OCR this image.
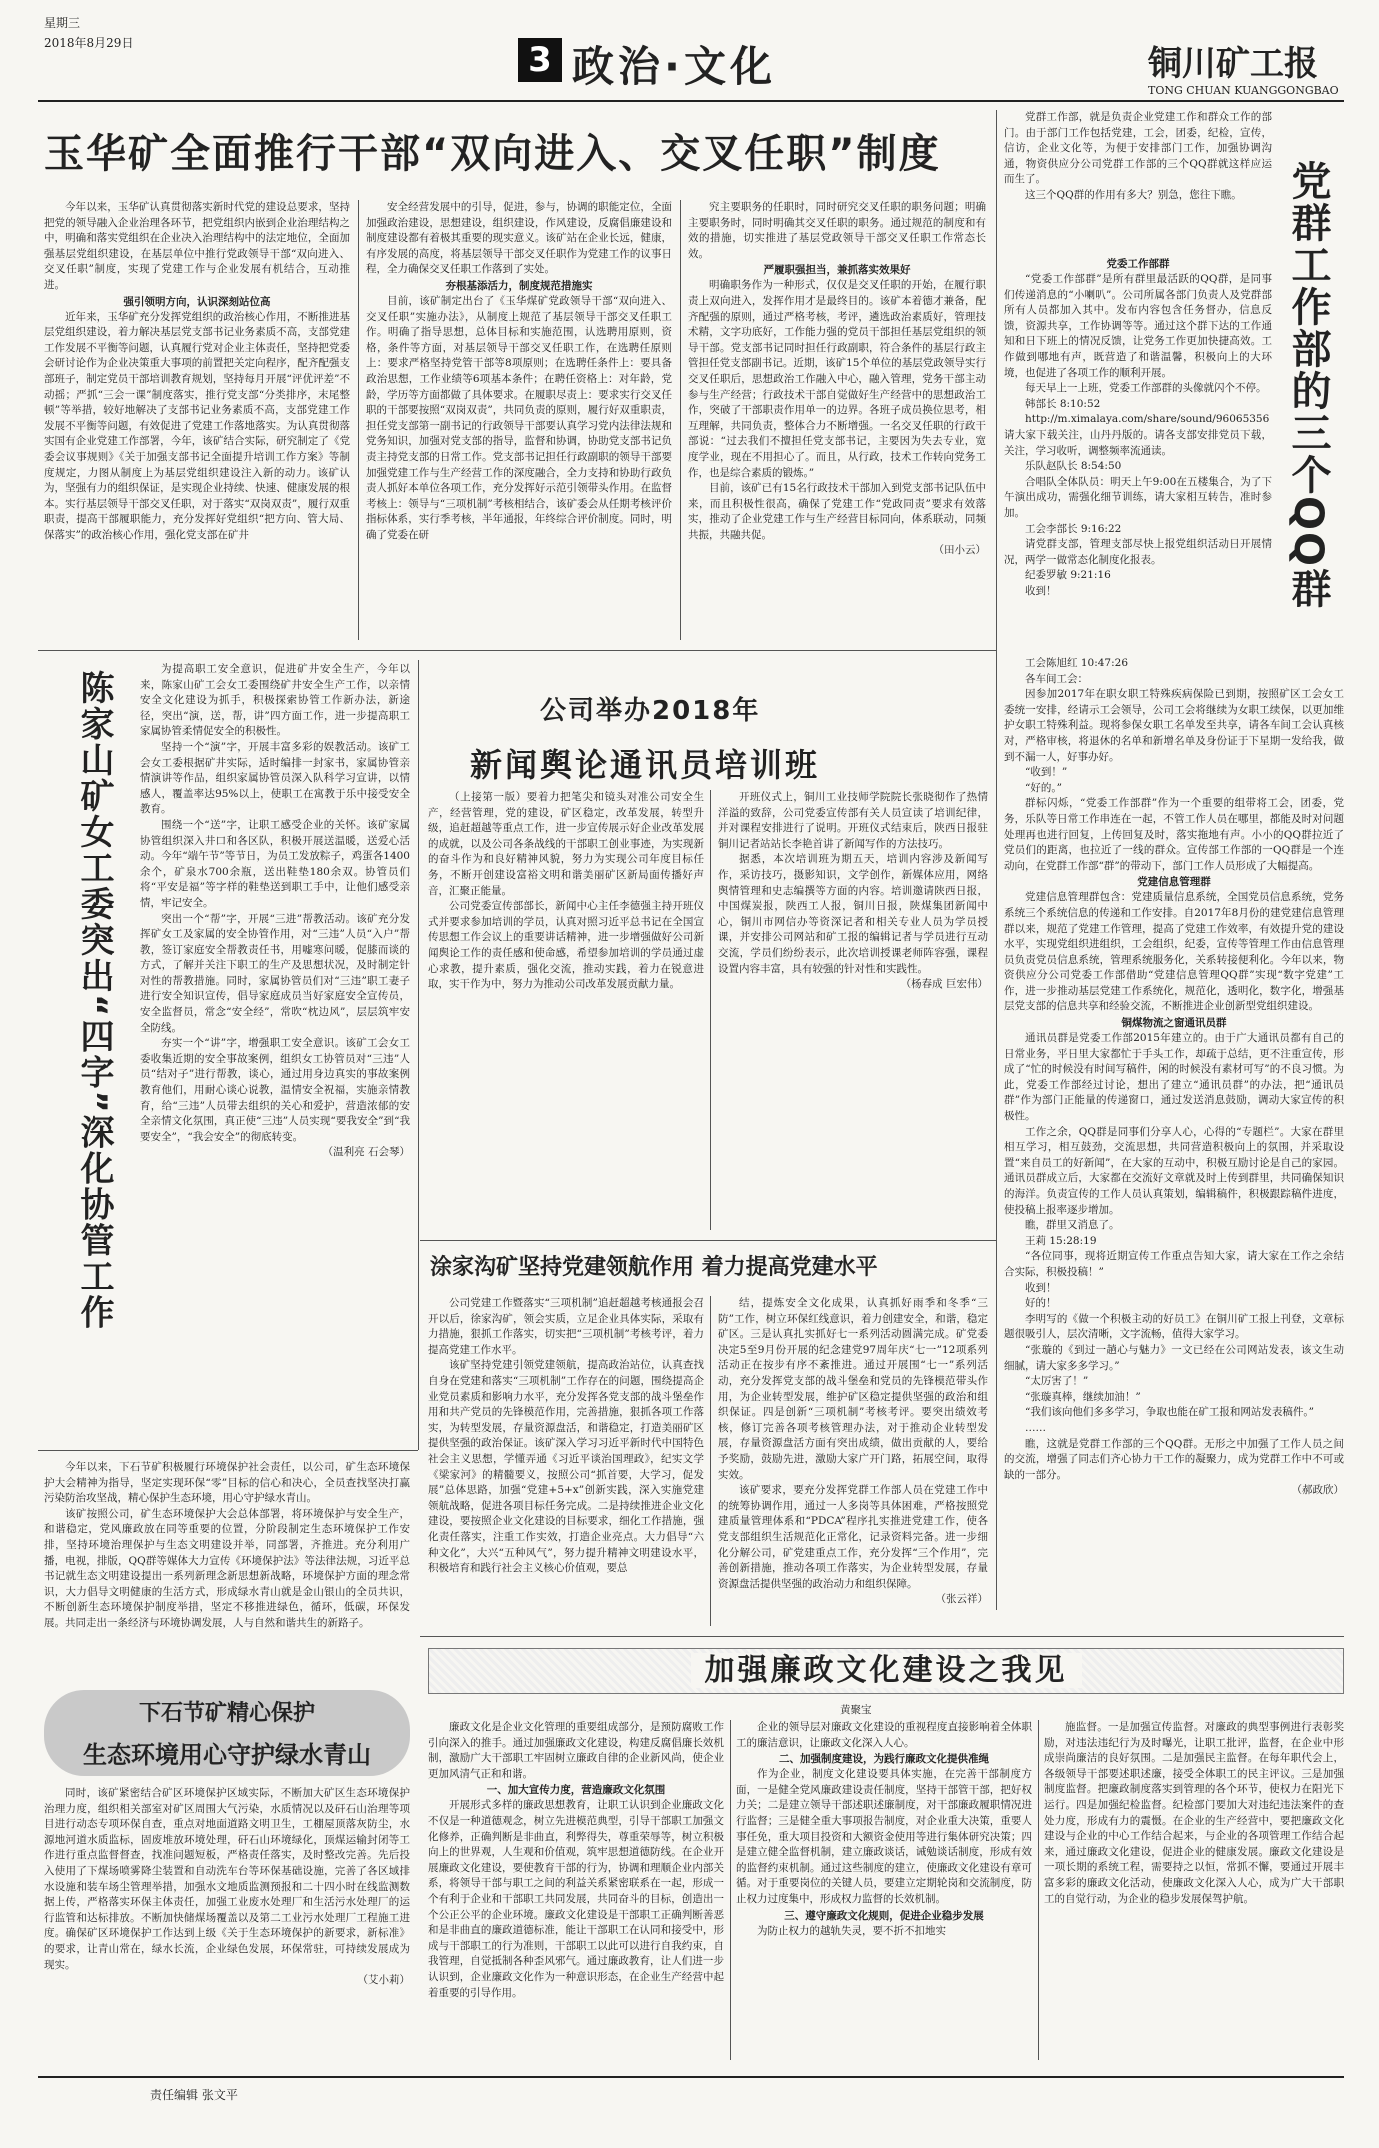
星期三
2018年8月29日	3 政治·文化	铜川矿工报
TONG CHUAN KUANGGONGBAO
玉华矿全面推行干部“双向进入、交叉任职”制度

今年以来，玉华矿认真贯彻落实新时代党的建设总要求，坚持把党的领导融入企业治理各环节，把党组织内嵌到企业治理结构之中，明确和落实党组织在企业决入治理结构中的法定地位，全面加强基层党组织建设，在基层单位中推行党政领导干部“双向进入、交叉任职”制度，实现了党建工作与企业发展有机结合，互动推进。

强引领明方向，认识深刻站位高

近年来，玉华矿充分发挥党组织的政治核心作用，不断推进基层党组织建设，着力解决基层党支部书记业务素质不高，支部党建工作发展不平衡等问题，认真履行党对企业主体责任，坚持把党委会研讨论作为企业决策重大事项的前置把关定向程序，配齐配强支部班子，制定党员干部培训教育规划，坚持每月开展“评优评差”不动摇；严抓“三会一课”制度落实，推行党支部“分类排序，末尾整顿”等举措，较好地解决了支部书记业务素质不高，支部党建工作发展不平衡等问题，有效促进了党建工作落地落实。为认真贯彻落实国有企业党建工作部署，今年，该矿结合实际，研究制定了《党委会议事规则》《关于加强支部书记全面提升培训工作方案》等制度规定，力图从制度上为基层党组织建设注入新的动力。该矿认为，坚强有力的组织保证，是实现企业持续、快速、健康发展的根本。实行基层领导干部交叉任职，对于落实“双岗双责”，履行双重职责，提高干部履职能力，充分发挥好党组织“把方向、管大局、保落实”的政治核心作用，强化党支部在矿井

安全经营发展中的引导，促进，参与，协调的职能定位，全面加强政治建设，思想建设，组织建设，作风建设，反腐倡廉建设和制度建设都有着极其重要的现实意义。该矿站在企业长远，健康，有序发展的高度，将基层领导干部交叉任职作为党建工作的议事日程，全力确保交叉任职工作落到了实处。

夯根基添活力，制度规范措施实

目前，该矿制定出台了《玉华煤矿党政领导干部“双向进入、交叉任职”实施办法》，从制度上规范了基层领导干部交叉任职工作。明确了指导思想，总体目标和实施范围，认选聘用原则，资格，条件等方面，对基层领导干部交叉任职工作，在选聘任原则上：要求严格坚持党管干部等8项原则；在选聘任条件上：要具备政治思想，工作业绩等6项基本条件；在聘任资格上：对年龄，党龄，学历等方面都做了具体要求。在履职尽责上：要求实行交叉任职的干部要按照“双岗双责”，共同负责的原则，履行好双重职责，担任党支部第一副书记的行政领导干部要认真学习党内法律法规和党务知识，加强对党支部的指导，监督和协调，协助党支部书记负责主持党支部的日常工作。党支部书记担任行政副职的领导干部要加强党建工作与生产经营工作的深度融合，全力支持和协助行政负责人抓好本单位各项工作，充分发挥好示范引领带头作用。在监督考核上：领导与“三项机制”考核相结合，该矿委会从任期考核评价指标体系，实行季考核，半年通报，年终综合评价制度。同时，明确了党委在研

究主要职务的任职时，同时研究交叉任职的职务问题；明确主要职务时，同时明确其交叉任职的职务。通过规范的制度和有效的措施，切实推进了基层党政领导干部交叉任职工作常态长效。

严履职强担当，兼抓落实效果好

明确职务作为一种形式，仅仅是交叉任职的开始，在履行职责上双向进入，发挥作用才是最终目的。该矿本着德才兼备，配齐配强的原则，通过严格考核，考评，遴选政治素质好，管理技术精，文字功底好，工作能力强的党员干部担任基层党组织的领导干部。党支部书记同时担任行政副职，符合条件的基层行政主管担任党支部副书记。近期，该矿15个单位的基层党政领导实行交叉任职后，思想政治工作融入中心，融入管理，党务干部主动参与生产经营；行政技术干部自觉做好生产经营中的思想政治工作，突破了干部职责作用单一的边界。各班子成员换位思考，相互理解，共同负责，整体合力不断增强。一名交叉任职的行政干部说：“过去我们不擅担任党支部书记，主要因为失去专业，宽度学业，现在不用担心了。而且，从行政，技术工作转向党务工作，也是综合素质的锻炼。”

目前，该矿已有15名行政技术干部加入到党支部书记队伍中来，而且积极性很高，确保了党建工作“党政同责”要求有效落实，推动了企业党建工作与生产经营目标同向，体系联动，同频共振，共融共促。

（田小云）

党群工作部，就是负责企业党建工作和群众工作的部门。由于部门工作包括党建，工会，团委，纪检，宣传，信访，企业文化等，为便于安排部门工作，加强协调沟通，物资供应分公司党群工作部的三个QQ群就这样应运而生了。

这三个QQ群的作用有多大？别急，您往下瞧。	党群工作部的三个QQ群
党委工作部群

“党委工作部群”是所有群里最活跃的QQ群，是同事们传递消息的“小喇叭”。公司所属各部门负责人及党群部所有人员都加入其中。发布内容包含任务督办，信息反馈，资源共享，工作协调等等。通过这个群下达的工作通知和日下班上的情况反馈，让党务工作更加快捷高效。工作做到哪地有声，既营造了和谐温馨，积极向上的大环境，也促进了各项工作的顺利开展。

每天早上一上班，党委工作部群的头像就闪个不停。

韩部长 8:10:52

http://m.ximalaya.com/share/sound/96065356请大家下载关注，山丹丹版的。请各支部安排党员下载，关注，学习收听，调整频率流通读。

乐队赵队长 8:54:50

合唱队全体队员：明天上午9:00在五楼集合，为了下午演出成功，需强化细节训练，请大家相互转告，准时参加。

工会李部长 9:16:22

请党群支部，管理支部尽快上报党组织活动日开展情况，两学一做常态化制度化报表。

纪委罗敏 9:21:16

收到！

工会陈旭红 10:47:26

各车间工会：

因参加2017年在职女职工特殊疾病保险已到期，按照矿区工会女工委统一安排，经请示工会领导，公司工会将继续为女职工续保，以更加维护女职工特殊利益。现将参保女职工名单发至共享，请各车间工会认真核对，严格审核，将退休的名单和新增名单及身份证于下星期一发给我，做到不漏一人，好事办好。

“收到！”

“好的。”

群标闪烁，“党委工作部群”作为一个重要的组带将工会，团委，党务，乐队等日常工作串连在一起，不管工作人员在哪里，都能及时对问题处理再也进行回复，上传回复及时，落实拖地有声。小小的QQ群拉近了党员们的距离，也拉近了一线的群众。宣传部工作部的一QQ群是一个连动向，在党群工作部“群”的带动下，部门工作人员形成了大幅提高。

党建信息管理群

党建信息管理群包含：党建质量信息系统，全国党员信息系统，党务系统三个系统信息的传递和工作安排。自2017年8月份的建党建信息管理群以来，规范了党建工作管理，提高了党建工作效率，有效提升党的建设水平，实现党组织进组织，工会组织，纪委，宣传等管理工作由信息管理员负责党员信息系统，管理系统服务化，关系转接便利化。今年以来，物资供应分公司党委工作部借助“党建信息管理QQ群”实现“数字党建”工作，进一步推动基层党建工作系统化，规范化，透明化，数字化，增强基层党支部的信息共享和经验交流，不断推进企业创新型党组织建设。

铜煤物流之窗通讯员群

通讯员群是党委工作部2015年建立的。由于广大通讯员都有自己的日常业务，平日里大家都忙于手头工作，却疏于总结，更不注重宣传，形成了“忙的时候没有时间写稿件，闲的时候没有素材可写”的不良习惯。为此，党委工作部经过讨论，想出了建立“通讯员群”的办法，把“通讯员群”作为部门正能量的传递窗口，通过发送消息鼓励，调动大家宣传的积极性。

工作之余，QQ群是同事们分享人心，心得的“专题栏”。大家在群里相互学习，相互鼓劲，交流思想，共同营造积极向上的氛围，并采取设置“来自员工的好新闻”，在大家的互动中，积极互励讨论是自己的家园。通讯员群成立后，大家都在交流好文章就及时上传到群里，共同确保知识的海洋。负责宣传的工作人员认真策划，编辑稿件，积极跟踪稿件进度，使投稿上报率逐步增加。

瞧，群里又消息了。

王莉 15:28:19

“各位同事，现将近期宣传工作重点告知大家，请大家在工作之余结合实际，积极投稿！”

收到！

好的！

李明写的《做一个积极主动的好员工》在铜川矿工报上刊登，文章标题很吸引人，层次清晰，文字流畅，值得大家学习。

“张璇的《到过一趟心与魅力》一文已经在公司网站发表，该文生动细腻，请大家多多学习。”

“太厉害了！”

“张璇真棒，继续加油！”

“我们该向他们多多学习，争取也能在矿工报和网站发表稿件。”

……

瞧，这就是党群工作部的三个QQ群。无形之中加强了工作人员之间的交流，增强了同志们齐心协力干工作的凝聚力，成为党群工作中不可或缺的一部分。

（郝政欣）
陈家山矿女工委突出“四字”深化协管工作

为提高职工安全意识，促进矿井安全生产，今年以来，陈家山矿工会女工委围绕矿井安全生产工作，以亲情安全文化建设为抓手，积极探索协管工作新办法，新途径，突出“演，送，帮，讲”四方面工作，进一步提高职工家属协管柔情促安全的积极性。

坚持一个“演”字，开展丰富多彩的娱教活动。该矿工会女工委根据矿井实际，适时编排一封家书，家属协管亲情演讲等作品，组织家属协管员深入队科学习宣讲，以情感人，覆盖率达95%以上，使职工在寓教于乐中接受安全教育。

围绕一个“送”字，让职工感受企业的关怀。该矿家属协管组织深入井口和各区队，积极开展送温暖，送爱心活动。今年“端午节”等节日，为员工发放粽子，鸡蛋各1400余个，矿泉水700余瓶，送出鞋垫180余双。协管员们将“平安是福”等字样的鞋垫送到职工手中，让他们感受亲情，牢记安全。

突出一个“帮”字，开展“三进”帮教活动。该矿充分发挥矿女工及家属的安全协管作用，对“三违”人员“入户”帮教，签订家庭安全帮教责任书，用嘘寒问暖，促膝而谈的方式，了解并关注下职工的生产及思想状况，及时制定针对性的帮教措施。同时，家属协管员们对“三违”职工妻子进行安全知识宣传，倡导家庭成员当好家庭安全宣传员，安全监督员，常念“安全经”，常吹“枕边风”，层层筑牢安全防线。

夯实一个“讲”字，增强职工安全意识。该矿工会女工委收集近期的安全事故案例，组织女工协管员对“三违”人员“结对子”进行帮教，谈心，通过用身边真实的事故案例教育他们，用耐心谈心说教，温情安全祝福，实施亲情教育，给“三违”人员带去组织的关心和爱护，营造浓郁的安全亲情文化氛围，真正使“三违”人员实现“要我安全”到“我要安全”，“我会安全”的彻底转变。

（温利亮 石会琴）
公司举办2018年
新闻舆论通讯员培训班

（上接第一版）要着力把笔尖和镜头对准公司安全生产，经营管理，党的建设，矿区稳定，改革发展，转型升级，追赶超越等重点工作，进一步宣传展示好企业改革发展的成就，以及公司各条战线的干部职工创业事迹，为实现新的奋斗作为和良好精神风貌，努力为实现公司年度目标任务，不断开创建设富裕文明和谐美丽矿区新局面传播好声音，汇聚正能量。

公司党委宣传部部长，新闻中心主任李德强主持开班仪式并要求参加培训的学员，认真对照习近平总书记在全国宣传思想工作会议上的重要讲话精神，进一步增强做好公司新闻舆论工作的责任感和使命感，希望参加培训的学员通过虚心求教，提升素质，强化交流，推动实践，着力在锐意进取，实干作为中，努力为推动公司改革发展贡献力量。

开班仪式上，铜川工业技师学院院长张晓彻作了热情洋溢的致辞，公司党委宣传部有关人员宣读了培训纪律，并对课程安排进行了说明。开班仪式结束后，陕西日报驻铜川记者站站长李艳首讲了新闻写作的方法技巧。

据悉，本次培训班为期五天，培训内容涉及新闻写作，采访技巧，摄影知识，文学创作，新媒体应用，网络舆情管理和史志编撰等方面的内容。培训邀请陕西日报，中国煤炭报，陕西工人报，铜川日报，陕煤集团新闻中心，铜川市网信办等资深记者和相关专业人员为学员授课，并安排公司网站和矿工报的编辑记者与学员进行互动交流，学员们纷纷表示，此次培训授课老师阵容强，课程设置内容丰富，具有较强的针对性和实践性。

（杨春成 巨宏伟）
涂家沟矿坚持党建领航作用 着力提高党建水平

公司党建工作暨落实“三项机制”追赶超越考核通报会召开以后，徐家沟矿，领会实质，立足企业具体实际，采取有力措施，狠抓工作落实，切实把“三项机制”考核考评，着力提高党建工作水平。

该矿坚持党建引领党建领航，提高政治站位，认真查找自身在党建和落实“三项机制”工作存在的问题，围绕提高企业党员素质和影响力水平，充分发挥各党支部的战斗堡垒作用和共产党员的先锋模范作用，完善措施，狠抓各项工作落实，为转型发展，存量资源盘活，和谐稳定，打造美丽矿区提供坚强的政治保证。该矿深入学习习近平新时代中国特色社会主义思想，学懂弄通《习近平谈治国理政》，纪实文学《梁家河》的精髓要义，按照公司“抓首要，大学习，促发展”总体思路，加强“党建+5+x”创新实践，深入实施党建领航战略，促进各项目标任务完成。二是持续推进企业文化建设，要按照企业文化建设的目标要求，细化工作措施，强化责任落实，注重工作实效，打造企业亮点。大力倡导“六种文化”，大兴“五种风气”，努力提升精神文明建设水平，积极培育和践行社会主义核心价值观，要总

结，提炼安全文化成果，认真抓好雨季和冬季“三防”工作，树立环保红线意识，着力创建安全，和谐，稳定矿区。三是认真扎实抓好七一系列活动圆满完成。矿党委决定5至9月份开展的纪念建党97周年庆“七一”12项系列活动正在按步有序不紊推进。通过开展围“七一”系列活动，充分发挥党支部的战斗堡垒和党员的先锋模范带头作用，为企业转型发展，维护矿区稳定提供坚强的政治和组织保证。四是创新“三项机制”考核考评。要突出绩效考核，修订完善各项考核管理办法，对于推动企业转型发展，存量资源盘活方面有突出成绩，做出贡献的人，要给予奖励，鼓励先进，激励大家广开门路，拓展空间，取得实效。

该矿要求，要充分发挥党群工作部人员在党建工作中的统筹协调作用，通过一人多岗等具体困难，严格按照党建质量管理体系和“PDCA”程序扎实推进党建工作，使各党支部组织生活规范化正常化，记录资料完备。进一步细化分解公司，矿党建重点工作，充分发挥“三个作用”，完善创新措施，推动各项工作落实，为企业转型发展，存量资源盘活提供坚强的政治动力和组织保障。

（张云祥）

今年以来，下石节矿积极履行环境保护社会责任，以公司，矿生态环境保护大会精神为指导，坚定实现环保“零”目标的信心和决心，全员查找坚决打赢污染防治攻坚战，精心保护生态环境，用心守护绿水青山。

该矿按照公司，矿生态环境保护大会总体部署，将环境保护与安全生产，和谐稳定，党风廉政放在同等重要的位置，分阶段制定生态环境保护工作安排，坚持环境治理保护与生态文明建设并举，同部署，齐推进。充分利用广播，电视，排版，QQ群等媒体大力宣传《环境保护法》等法律法规，习近平总书记就生态文明建设提出一系列新理念新思想新战略，环境保护方面的理念常识，大力倡导文明健康的生活方式，形成绿水青山就是金山银山的全员共识，不断创新生态环境保护制度举措，坚定不移推进绿色，循环，低碳，环保发展。共同走出一条经济与环境协调发展，人与自然和谐共生的新路子。

下石节矿精心保护
生态环境用心守护绿水青山

同时，该矿紧密结合矿区环境保护区域实际，不断加大矿区生态环境保护治理力度，组织相关部室对矿区周围大气污染，水质情况以及矸石山治理等项目进行动态专项环保自查，重点对地面道路文明卫生，工棚屋顶落灰防尘，水源地河道水质监标，固废堆放环境处理，矸石山环境绿化，顶煤运输封闭等工作进行重点监督督查，找准问题短板，严格责任落实，及时整改完善。先后投入使用了下煤场喷雾降尘装置和自动洗车台等环保基础设施，完善了各区域排水设施和装车场尘管理举措，加强水文地质监测预报和二十四小时在线监测数据上传，严格落实环保主体责任，加强工业废水处理厂和生活污水处理厂的运行监管和达标排放。不断加快储煤场覆盖以及第二工业污水处理厂工程施工进度。确保矿区环境保护工作达到上级《关于生态环境保护的新要求，新标准》的要求，让青山常在，绿水长流，企业绿色发展，环保常驻，可持续发展成为现实。

（艾小莉）
加强廉政文化建设之我见
黄聚宝

廉政文化是企业文化管理的重要组成部分，是预防腐败工作引向深入的推手。通过加强廉政文化建设，构建反腐倡廉长效机制，激励广大干部职工牢固树立廉政自律的企业新风尚，使企业更加风清气正和和谐。

一、加大宣传力度，营造廉政文化氛围

开展形式多样的廉政思想教育，让职工认识到企业廉政文化不仅是一种道德观念，树立先进模范典型，引导干部职工加强文化修养，正确判断是非曲直，利弊得失，尊重荣辱等，树立积极向上的世界观，人生观和价值观，筑牢思想道德防线。在企业开展廉政文化建设，要使教育干部的行为，协调和理顺企业内部关系，将领导干部与职工之间的利益关系紧密联系在一起，形成一个有利于企业和干部职工共同发展，共同奋斗的目标，创造出一个公正公平的企业环境。廉政文化建设是干部职工正确判断善恶和是非曲直的廉政道德标准，能让干部职工在认同和接受中，形成与干部职工的行为准则，干部职工以此可以进行自我约束，自我管理，自觉抵制各种歪风邪气。通过廉政教育，让人们进一步认识到，企业廉政文化作为一种意识形态，在企业生产经营中起着重要的引导作用。

企业的领导层对廉政文化建设的重视程度直接影响着全体职工的廉洁意识，让廉政文化深入人心。

二、加强制度建设，为践行廉政文化提供准绳

作为企业，制度文化建设要具体实施，在完善干部制度方面，一是健全党风廉政建设责任制度，坚持干部管干部，把好权力关；二是建立领导干部述职述廉制度，对干部廉政履职情况进行监督；三是健全重大事项报告制度，对企业重大决策，重要人事任免，重大项目投资和大额资金使用等进行集体研究决策；四是建立健全监督机制，建立廉政谈话，诫勉谈话制度，形成有效的监督约束机制。通过这些制度的建立，使廉政文化建设有章可循。对于重要岗位的关键人员，要建立定期轮岗和交流制度，防止权力过度集中，形成权力监督的长效机制。

三、遵守廉政文化规则，促进企业稳步发展

为防止权力的越轨失灵，要不折不扣地实

施监督。一是加强宣传监督。对廉政的典型事例进行表彰奖励，对违法违纪行为及时曝光，让职工批评，监督，在企业中形成崇尚廉洁的良好氛围。二是加强民主监督。在每年职代会上，各级领导干部要述职述廉，接受全体职工的民主评议。三是加强制度监督。把廉政制度落实到管理的各个环节，使权力在阳光下运行。四是加强纪检监督。纪检部门要加大对违纪违法案件的查处力度，形成有力的震慑。在企业的生产经营中，要把廉政文化建设与企业的中心工作结合起来，与企业的各项管理工作结合起来，通过廉政文化建设，促进企业的健康发展。廉政文化建设是一项长期的系统工程，需要持之以恒，常抓不懈，要通过开展丰富多彩的廉政文化活动，使廉政文化深入人心，成为广大干部职工的自觉行动，为企业的稳步发展保驾护航。

责任编辑 张文平
